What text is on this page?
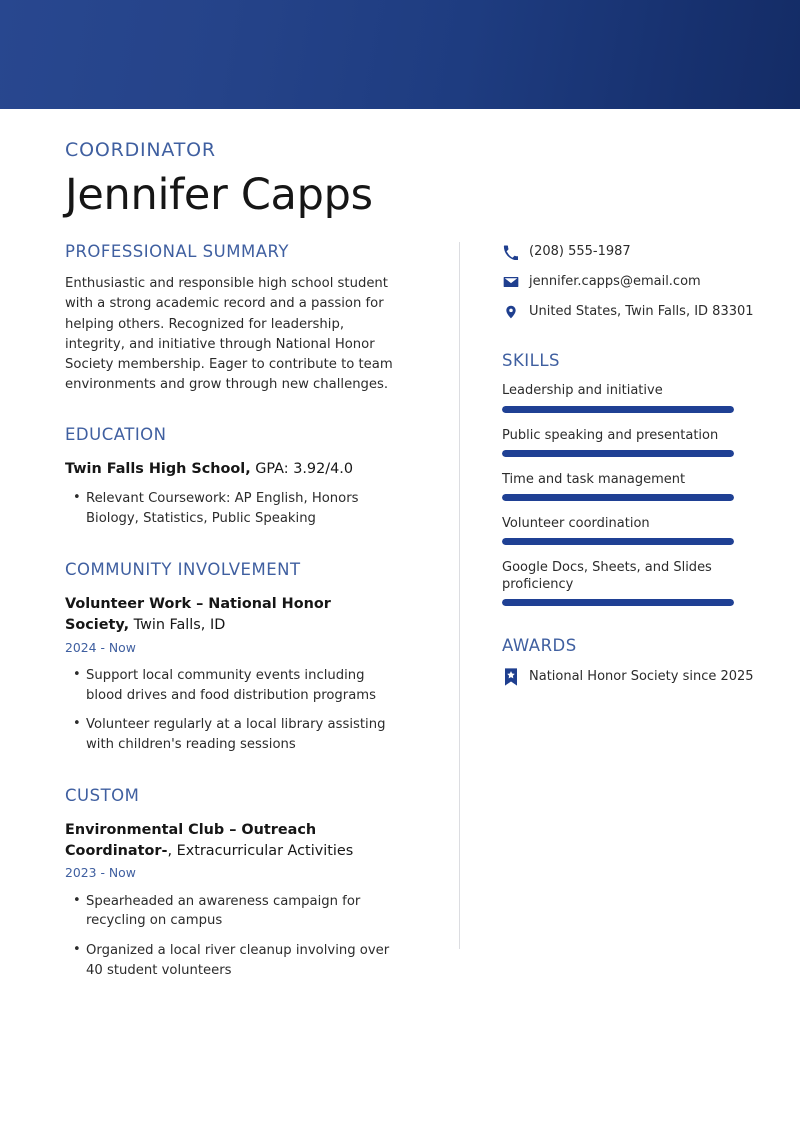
COORDINATOR
Jennifer Capps
PROFESSIONAL SUMMARY
Enthusiastic and responsible high school student with a strong academic record and a passion for helping others. Recognized for leadership, integrity, and initiative through National Honor Society membership. Eager to contribute to team environments and grow through new challenges.
EDUCATION
Twin Falls High School, GPA: 3.92/4.0
• Relevant Coursework: AP English, Honors Biology, Statistics, Public Speaking
COMMUNITY INVOLVEMENT
Volunteer Work – National Honor Society, Twin Falls, ID
2024 - Now
• Support local community events including blood drives and food distribution programs
• Volunteer regularly at a local library assisting with children's reading sessions
CUSTOM
Environmental Club – Outreach Coordinator-, Extracurricular Activities
2023 - Now
• Spearheaded an awareness campaign for recycling on campus
• Organized a local river cleanup involving over 40 student volunteers
(208) 555-1987
jennifer.capps@email.com
United States, Twin Falls, ID 83301
SKILLS
Leadership and initiative
Public speaking and presentation
Time and task management
Volunteer coordination
Google Docs, Sheets, and Slides proficiency
AWARDS
National Honor Society since 2025
